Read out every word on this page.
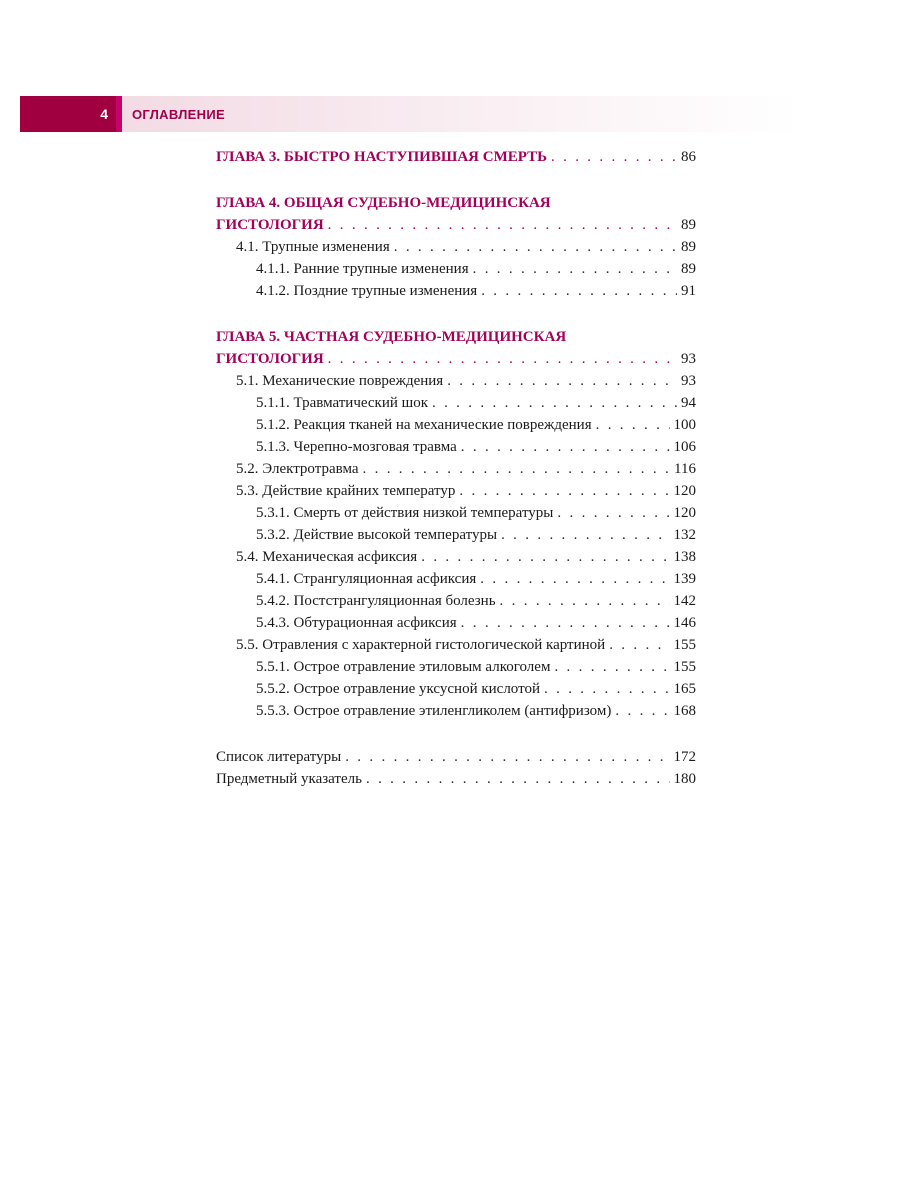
4 ОГЛАВЛЕНИЕ
ГЛАВА 3. БЫСТРО НАСТУПИВШАЯ СМЕРТЬ . . .	86
ГЛАВА 4. ОБЩАЯ СУДЕБНО-МЕДИЦИНСКАЯ
ГИСТОЛОГИЯ . . .	89
4.1. Трупные изменения . . .	89
4.1.1. Ранние трупные изменения . . .	89
4.1.2. Поздние трупные изменения . . .	91
ГЛАВА 5. ЧАСТНАЯ СУДЕБНО-МЕДИЦИНСКАЯ
ГИСТОЛОГИЯ . . .	93
5.1. Механические повреждения . . .	93
5.1.1. Травматический шок . . .	94
5.1.2. Реакция тканей на механические повреждения . . .	100
5.1.3. Черепно-мозговая травма . . .	106
5.2. Электротравма . . .	116
5.3. Действие крайних температур . . .	120
5.3.1. Смерть от действия низкой температуры . . .	120
5.3.2. Действие высокой температуры . . .	132
5.4. Механическая асфиксия . . .	138
5.4.1. Странгуляционная асфиксия . . .	139
5.4.2. Постстрангуляционная болезнь . . .	142
5.4.3. Обтурационная асфиксия . . .	146
5.5. Отравления с характерной гистологической картиной . . .	155
5.5.1. Острое отравление этиловым алкоголем . . .	155
5.5.2. Острое отравление уксусной кислотой . . .	165
5.5.3. Острое отравление этиленгликолем (антифризом) . . .	168
Список литературы . . .	172
Предметный указатель . . .	180
